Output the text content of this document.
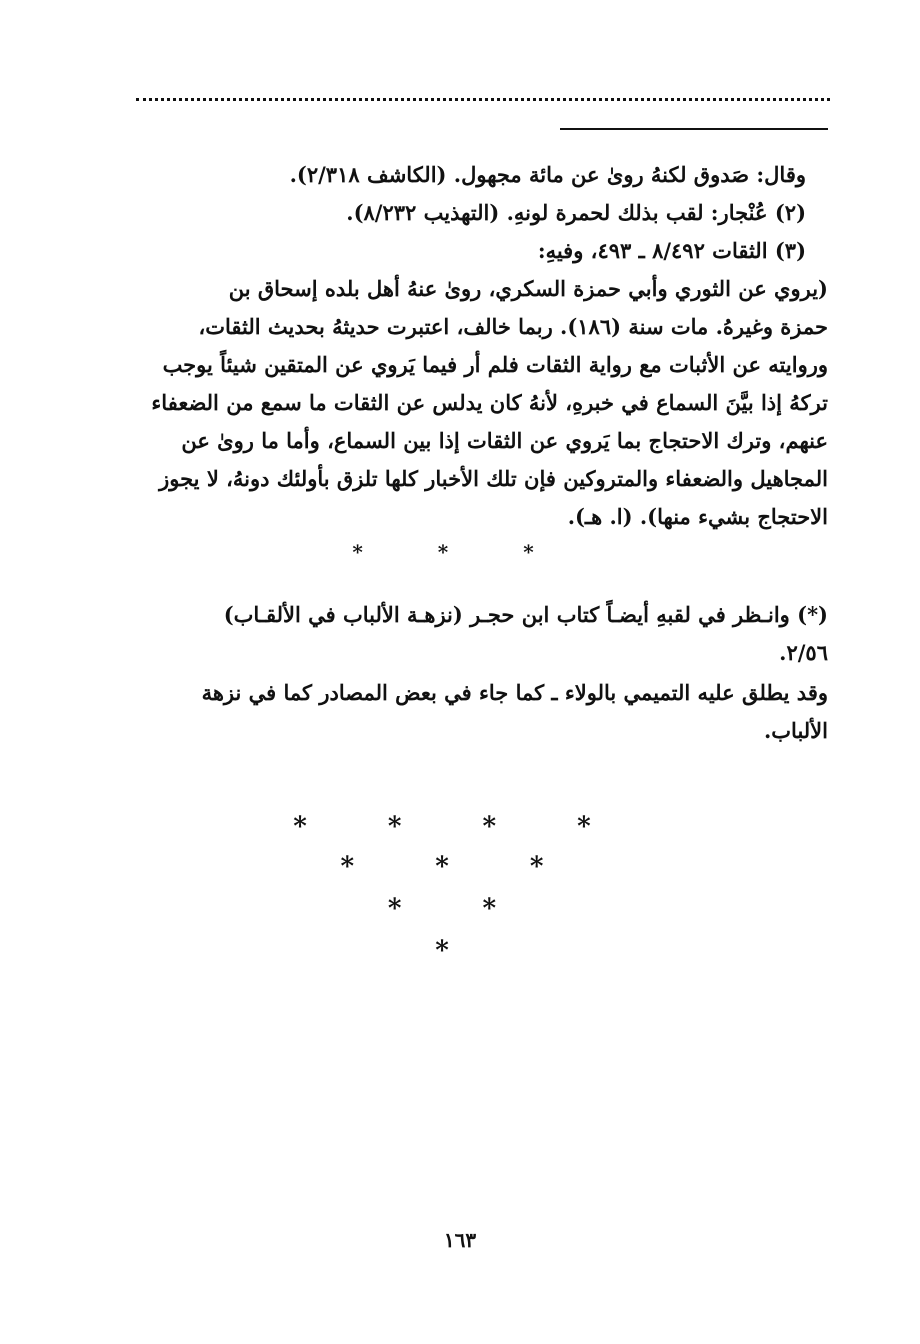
وقال: صَدوق لكنهُ روىٰ عن مائة مجهول. (الكاشف ٢/٣١٨).
(٢) عُنْجار: لقب بذلك لحمرة لونهِ. (التهذيب ٨/٢٣٢).
(٣) الثقات ٨/٤٩٢ ـ ٤٩٣، وفيهِ:
(يروي عن الثوري وأبي حمزة السكري، روىٰ عنهُ أهل بلده إسحاق بن
حمزة وغيرهُ. مات سنة (١٨٦). ربما خالف، اعتبرت حديثهُ بحديث الثقات،
وروايته عن الأثبات مع رواية الثقات فلم أر فيما يَروي عن المتقين شيئاً يوجب
تركهُ إذا بيَّنَ السماع في خبرهِ، لأنهُ كان يدلس عن الثقات ما سمع من الضعفاء
عنهم، وترك الاحتجاج بما يَروي عن الثقات إذا بين السماع، وأما ما روىٰ عن
المجاهيل والضعفاء والمتروكين فإن تلك الأخبار كلها تلزق بأولئك دونهُ، لا يجوز
الاحتجاج بشيء منها). (ا. هـ).
* * *
(*) وانـظر في لقبهِ أيضـاً كتاب ابن حجـر (نزهـة الألباب في الألقـاب)
٢/٥٦.
وقد يطلق عليه التميمي بالولاء ـ كما جاء في بعض المصادر كما في نزهة
الألباب.
* * * *
* * *
* *
*
١٦٣
